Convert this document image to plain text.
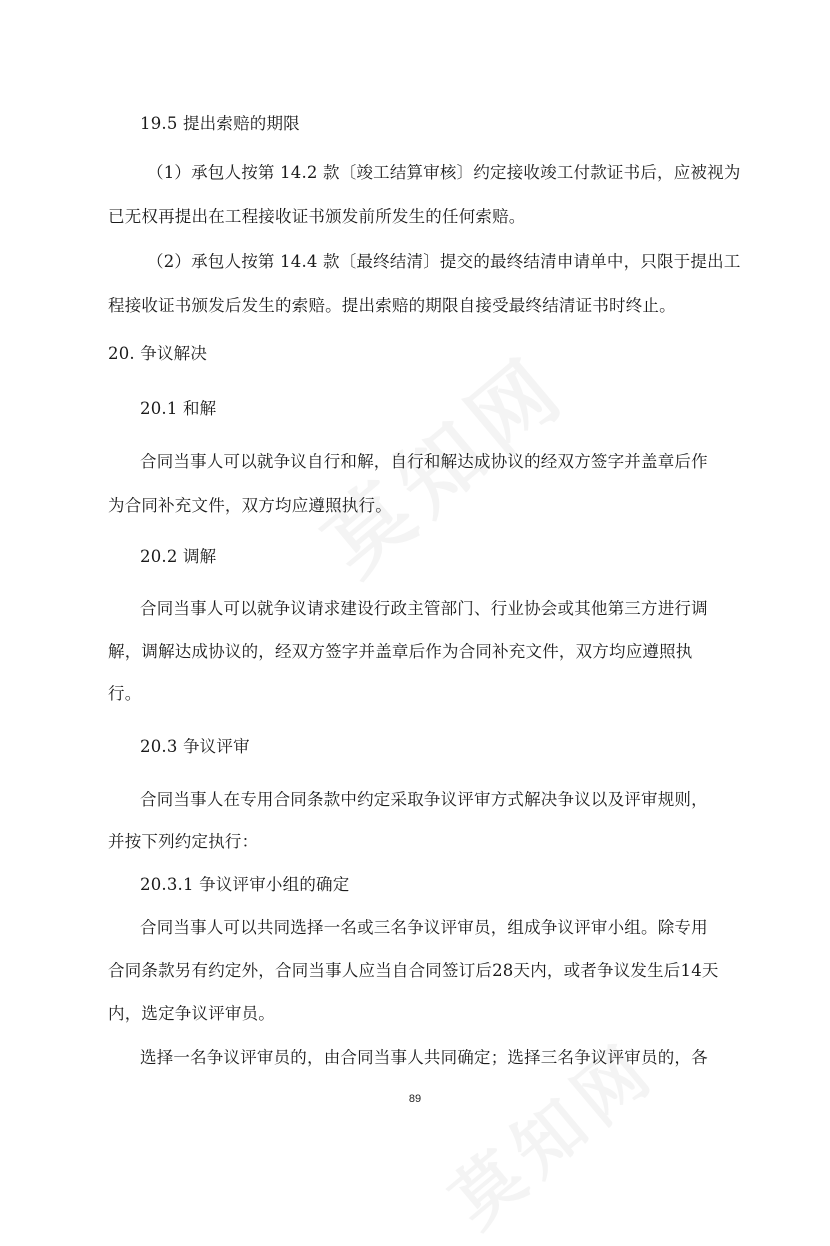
19.5 提出索赔的期限
（1）承包人按第 14.2 款〔竣工结算审核〕约定接收竣工付款证书后，应被视为
已无权再提出在工程接收证书颁发前所发生的任何索赔。
（2）承包人按第 14.4 款〔最终结清〕提交的最终结清申请单中，只限于提出工
程接收证书颁发后发生的索赔。提出索赔的期限自接受最终结清证书时终止。
20. 争议解决
20.1 和解
合同当事人可以就争议自行和解，自行和解达成协议的经双方签字并盖章后作
为合同补充文件，双方均应遵照执行。
20.2 调解
合同当事人可以就争议请求建设行政主管部门、行业协会或其他第三方进行调
解，调解达成协议的，经双方签字并盖章后作为合同补充文件，双方均应遵照执
行。
20.3 争议评审
合同当事人在专用合同条款中约定采取争议评审方式解决争议以及评审规则，
并按下列约定执行：
20.3.1 争议评审小组的确定
合同当事人可以共同选择一名或三名争议评审员，组成争议评审小组。除专用
合同条款另有约定外，合同当事人应当自合同签订后28天内，或者争议发生后14天
内，选定争议评审员。
选择一名争议评审员的，由合同当事人共同确定；选择三名争议评审员的，各
89
